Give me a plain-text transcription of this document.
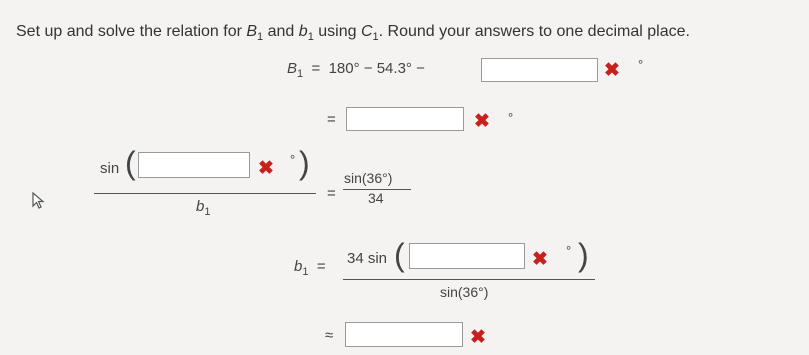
Set up and solve the relation for $B_1$ and $b_1$ using $C_1$. Round your answers to one decimal place.
$B_1 = 180^\circ - 54.3^\circ$ −	✖ °
=	✖ °
sin (	✖ ° )
$b_1$
=
sin(36°)
34
$b_1 = 34$ sin (	✖ ° )
sin(36°)
≈	✖
